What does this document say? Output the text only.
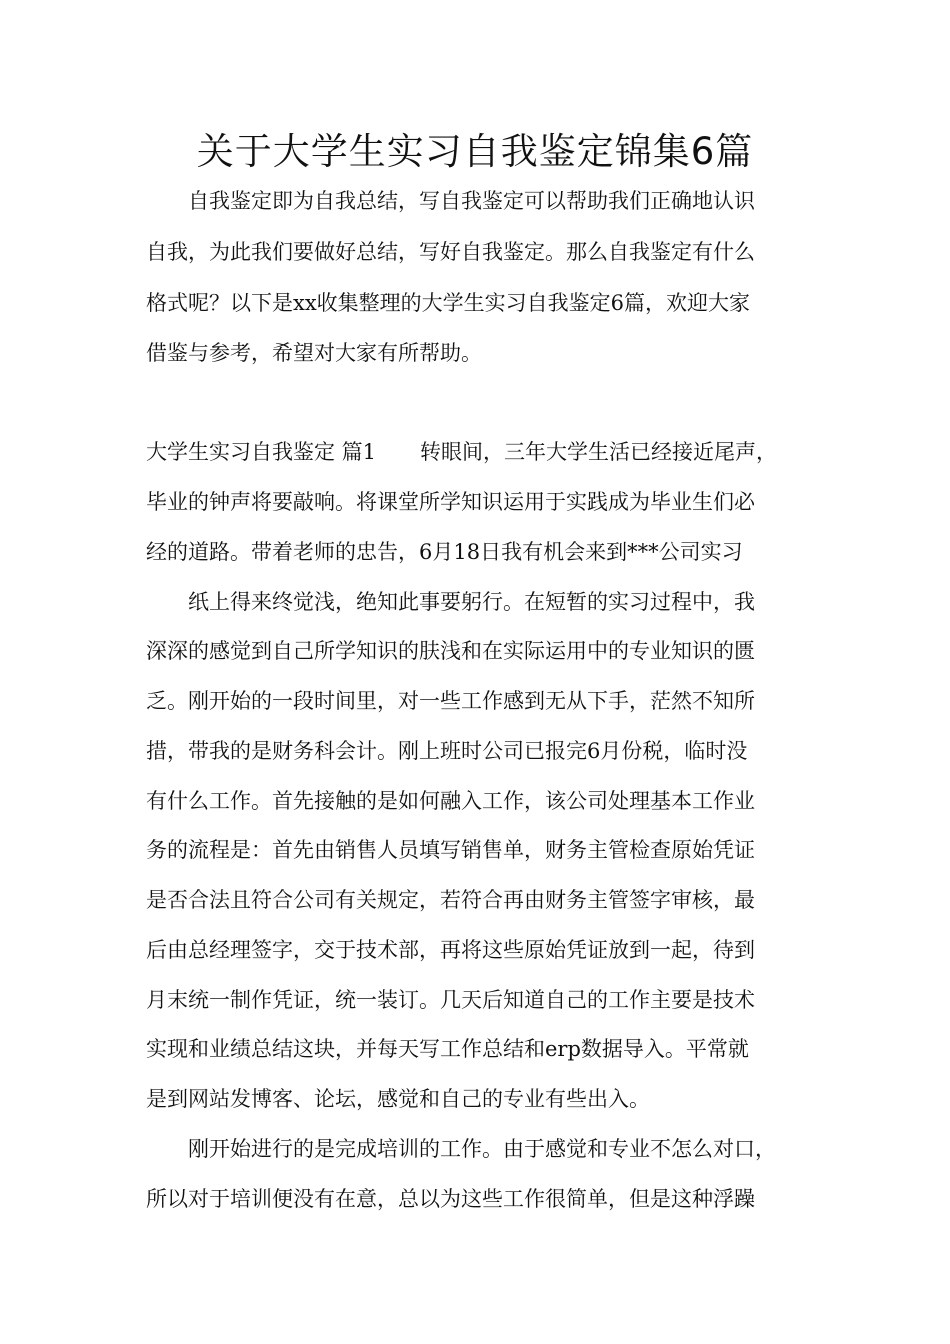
关于大学生实习自我鉴定锦集6篇

　　自我鉴定即为自我总结，写自我鉴定可以帮助我们正确地认识

自我，为此我们要做好总结，写好自我鉴定。那么自我鉴定有什么

格式呢？以下是xx收集整理的大学生实习自我鉴定6篇，欢迎大家

借鉴与参考，希望对大家有所帮助。

大学生实习自我鉴定 篇1 转眼间，三年大学生活已经接近尾声，

毕业的钟声将要敲响。将课堂所学知识运用于实践成为毕业生们必

经的道路。带着老师的忠告，6月18日我有机会来到***公司实习

　　纸上得来终觉浅，绝知此事要躬行。在短暂的实习过程中，我

深深的感觉到自己所学知识的肤浅和在实际运用中的专业知识的匮

乏。刚开始的一段时间里，对一些工作感到无从下手，茫然不知所

措，带我的是财务科会计。刚上班时公司已报完6月份税，临时没

有什么工作。首先接触的是如何融入工作，该公司处理基本工作业

务的流程是：首先由销售人员填写销售单，财务主管检查原始凭证

是否合法且符合公司有关规定，若符合再由财务主管签字审核，最

后由总经理签字，交于技术部，再将这些原始凭证放到一起，待到

月末统一制作凭证，统一装订。几天后知道自己的工作主要是技术

实现和业绩总结这块，并每天写工作总结和erp数据导入。平常就

是到网站发博客、论坛，感觉和自己的专业有些出入。

　　刚开始进行的是完成培训的工作。由于感觉和专业不怎么对口，

所以对于培训便没有在意，总以为这些工作很简单，但是这种浮躁
